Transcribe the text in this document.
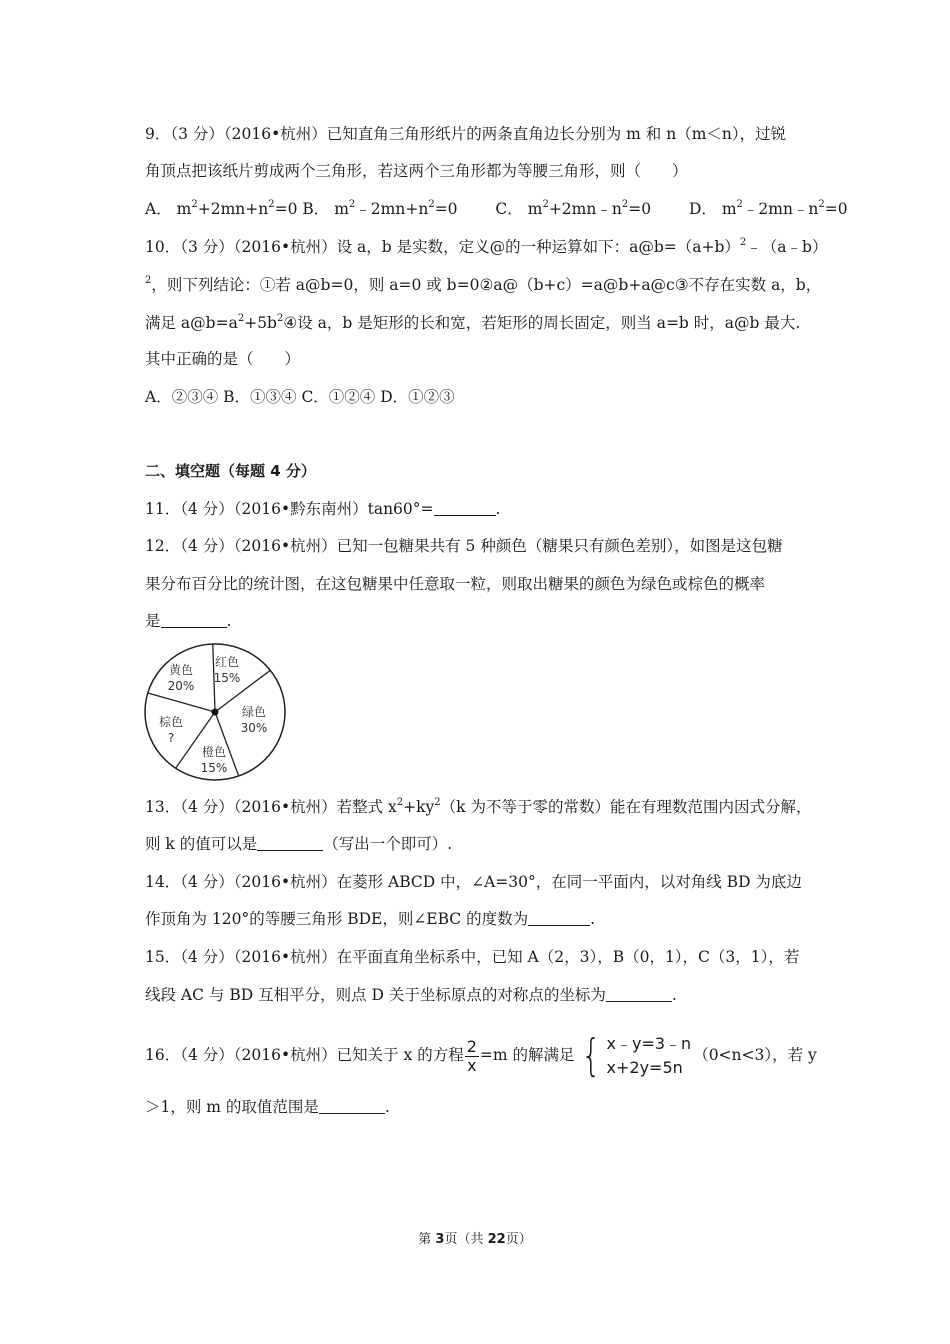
9．（3 分）（2016•杭州）已知直角三角形纸片的两条直角边长分别为 m 和 n（m＜n），过锐
角顶点把该纸片剪成两个三角形，若这两个三角形都为等腰三角形，则（　　）
A． $m^2+2mn+n^2=0$ B． $m^2﹣2mn+n^2=0$ C． $m^2+2mn﹣n^2=0$ D． $m^2﹣2mn﹣n^2=0$
10．（3 分）（2016•杭州）设 a，b 是实数，定义@的一种运算如下：$a@b=(a+b)^2﹣(a﹣b)$
$^2$，则下列结论：①若 a@b=0，则 a=0 或 b=0②a@（b+c）=a@b+a@c③不存在实数 a，b，
满足 $a@b=a^2+5b^2④$设 a，b 是矩形的长和宽，若矩形的周长固定，则当 a=b 时，a@b 最大.
其中正确的是（　　）
A．②③④ B．①③④ C．①②④ D．①②③
二、填空题（每题 4 分）
11．（4 分）（2016•黔东南州）tan60°=	.
12．（4 分）（2016•杭州）已知一包糖果共有 5 种颜色（糖果只有颜色差别），如图是这包糖
果分布百分比的统计图，在这包糖果中任意取一粒，则取出糖果的颜色为绿色或棕色的概率
是	.
红色
15%
绿色
30%
橙色
15%
棕色
?
黄色
20%
13．（4 分）（2016•杭州）若整式 $x^2+ky^2(k$ 为不等于零的常数）能在有理数范围内因式分解，
则 k 的值可以是	（写出一个即可）.
14．（4 分）（2016•杭州）在菱形 ABCD 中，∠A=30°，在同一平面内，以对角线 BD 为底边
作顶角为 120°的等腰三角形 BDE，则∠EBC 的度数为	.
15．（4 分）（2016•杭州）在平面直角坐标系中，已知 A（2，3），B（0，1），C（3，1），若
线段 AC 与 BD 互相平分，则点 D 关于坐标原点的对称点的坐标为	.
16．（4 分）（2016•杭州）已知关于 x 的方程 $\frac{2}{x} =m$ 的解满足 { x﹣y=3﹣n
x+2y=5n
（0<n<3），若 y
＞1，则 m 的取值范围是	.
第 3页（共 22页）
